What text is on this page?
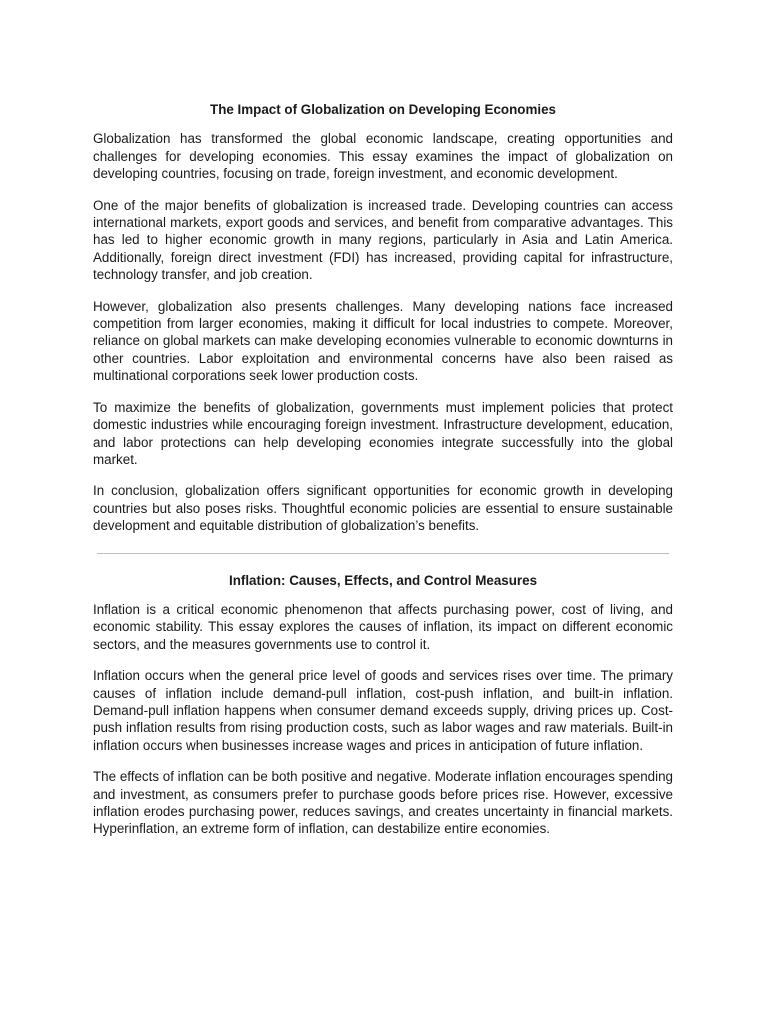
The Impact of Globalization on Developing Economies

Globalization has transformed the global economic landscape, creating opportunities and challenges for developing economies. This essay examines the impact of globalization on developing countries, focusing on trade, foreign investment, and economic development.

One of the major benefits of globalization is increased trade. Developing countries can access international markets, export goods and services, and benefit from comparative advantages. This has led to higher economic growth in many regions, particularly in Asia and Latin America. Additionally, foreign direct investment (FDI) has increased, providing capital for infrastructure, technology transfer, and job creation.

However, globalization also presents challenges. Many developing nations face increased competition from larger economies, making it difficult for local industries to compete. Moreover, reliance on global markets can make developing economies vulnerable to economic downturns in other countries. Labor exploitation and environmental concerns have also been raised as multinational corporations seek lower production costs.

To maximize the benefits of globalization, governments must implement policies that protect domestic industries while encouraging foreign investment. Infrastructure development, education, and labor protections can help developing economies integrate successfully into the global market.

In conclusion, globalization offers significant opportunities for economic growth in developing countries but also poses risks. Thoughtful economic policies are essential to ensure sustainable development and equitable distribution of globalization’s benefits.

Inflation: Causes, Effects, and Control Measures

Inflation is a critical economic phenomenon that affects purchasing power, cost of living, and economic stability. This essay explores the causes of inflation, its impact on different economic sectors, and the measures governments use to control it.

Inflation occurs when the general price level of goods and services rises over time. The primary causes of inflation include demand-pull inflation, cost-push inflation, and built-in inflation. Demand-pull inflation happens when consumer demand exceeds supply, driving prices up. Cost-push inflation results from rising production costs, such as labor wages and raw materials. Built-in inflation occurs when businesses increase wages and prices in anticipation of future inflation.

The effects of inflation can be both positive and negative. Moderate inflation encourages spending and investment, as consumers prefer to purchase goods before prices rise. However, excessive inflation erodes purchasing power, reduces savings, and creates uncertainty in financial markets. Hyperinflation, an extreme form of inflation, can destabilize entire economies.
